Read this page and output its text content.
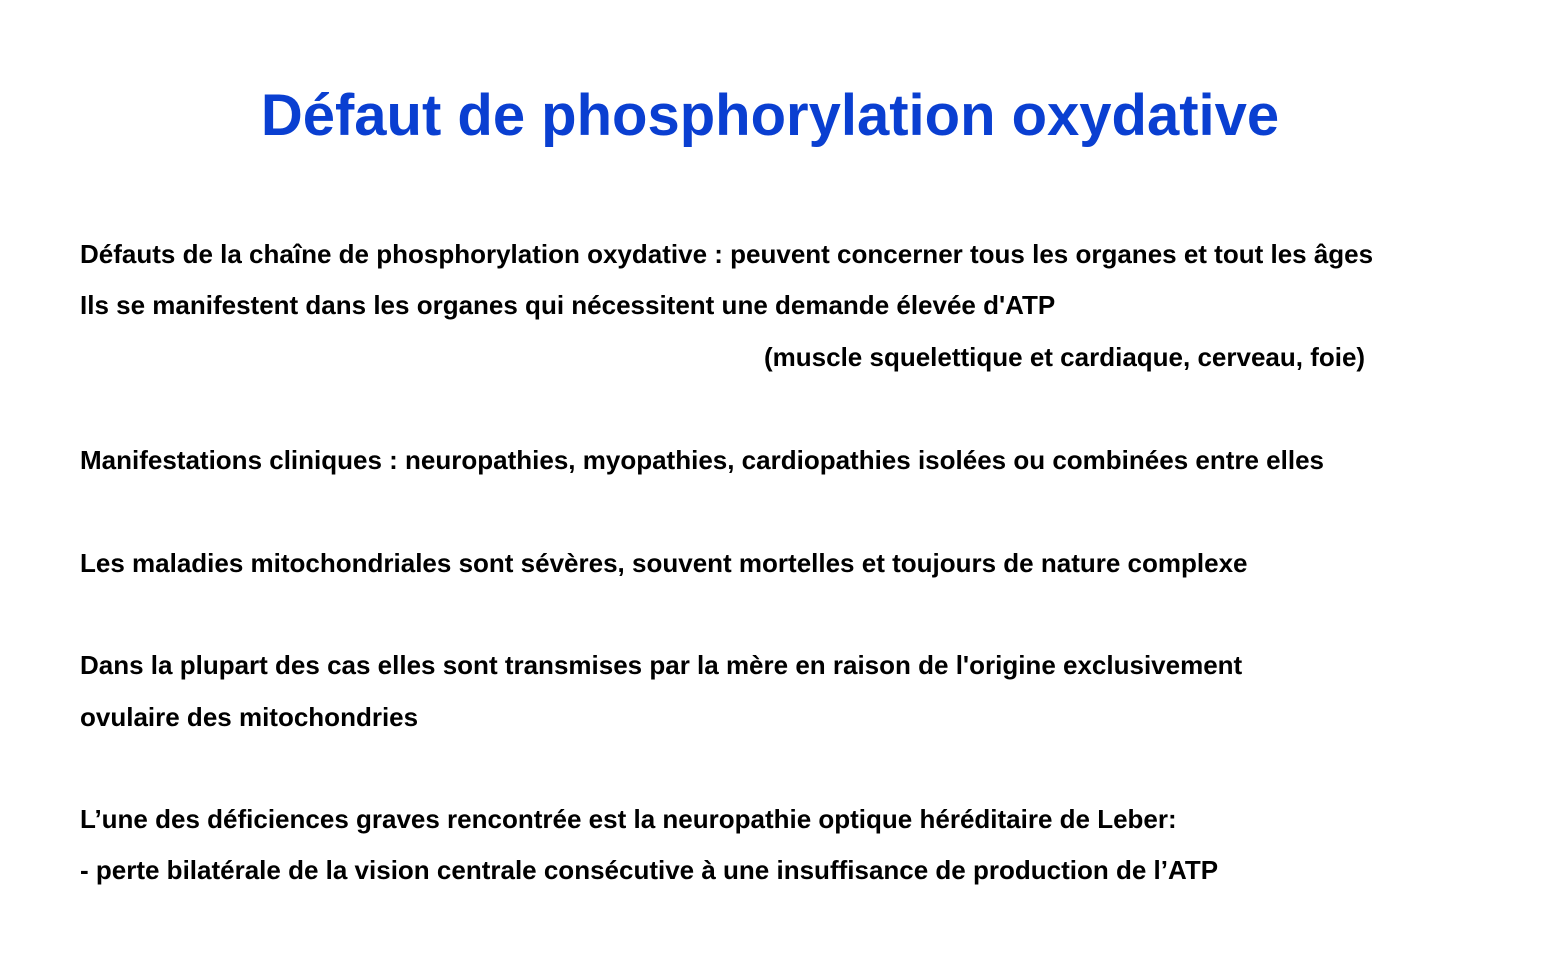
Défaut de phosphorylation oxydative
Défauts de la chaîne de phosphorylation oxydative : peuvent concerner tous les organes et tout les âges
Ils se manifestent dans les organes qui nécessitent une demande élevée d'ATP
(muscle squelettique et cardiaque, cerveau, foie)
Manifestations cliniques : neuropathies, myopathies, cardiopathies isolées ou combinées entre elles
Les maladies mitochondriales sont sévères, souvent mortelles et toujours de nature complexe
Dans la plupart des cas elles sont transmises par la mère en raison de l'origine exclusivement
ovulaire des mitochondries
L’une des déficiences graves rencontrée est la neuropathie optique héréditaire de Leber:
- perte bilatérale de la vision centrale consécutive à une insuffisance de production de l’ATP
